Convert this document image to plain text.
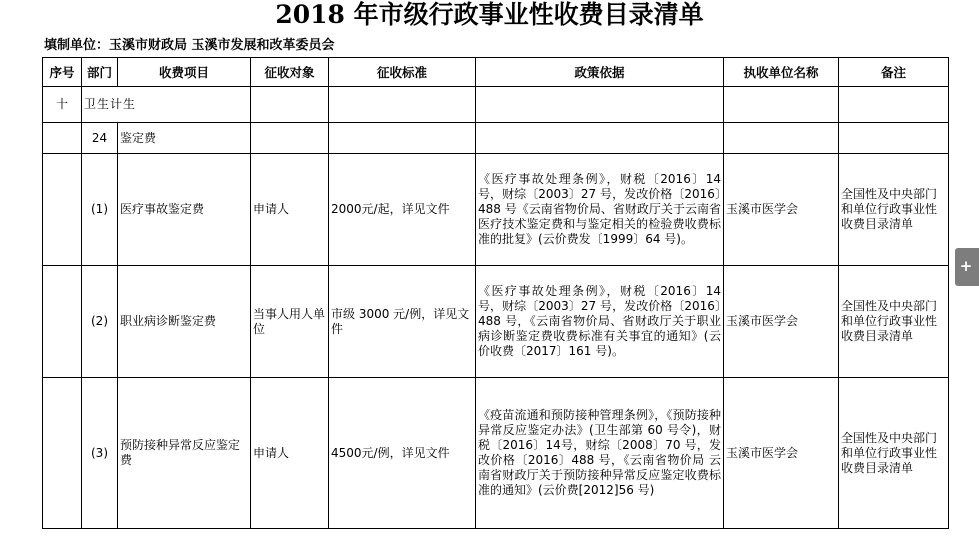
2018 年市级行政事业性收费目录清单
填制单位：玉溪市财政局 玉溪市发展和改革委员会
序号	部门	收费项目	征收对象	征收标准	政策依据	执收单位名称	备注
十	卫生计生						
	24	鉴定费					
	(1)	医疗事故鉴定费	申请人	2000元/起，详见文件	《医疗事故处理条例》，财税〔2016〕14 号，财综〔2003〕27 号，发改价格〔2016〕488 号《云南省物价局、省财政厅关于云南省医疗技术鉴定费和与鉴定相关的检验费收费标准的批复》(云价费发〔1999〕64 号)。	玉溪市医学会	全国性及中央部门和单位行政事业性收费目录清单
	(2)	职业病诊断鉴定费	当事人用人单位	市级 3000 元/例，详见文件	《医疗事故处理条例》，财税〔2016〕14 号，财综〔2003〕27 号，发改价格〔2016〕488 号，《云南省物价局、省财政厅关于职业病诊断鉴定费收费标准有关事宜的通知》(云价收费〔2017〕161 号)。	玉溪市医学会	全国性及中央部门和单位行政事业性收费目录清单
	(3)	预防接种异常反应鉴定费	申请人	4500元/例，详见文件	《疫苗流通和预防接种管理条例》，《预防接种异常反应鉴定办法》(卫生部第 60 号令)，财税〔2016〕14号，财综〔2008〕70 号，发改价格〔2016〕488 号，《云南省物价局 云南省财政厅关于预防接种异常反应鉴定收费标准的通知》(云价费[2012]56 号)	玉溪市医学会	全国性及中央部门和单位行政事业性收费目录清单
+
